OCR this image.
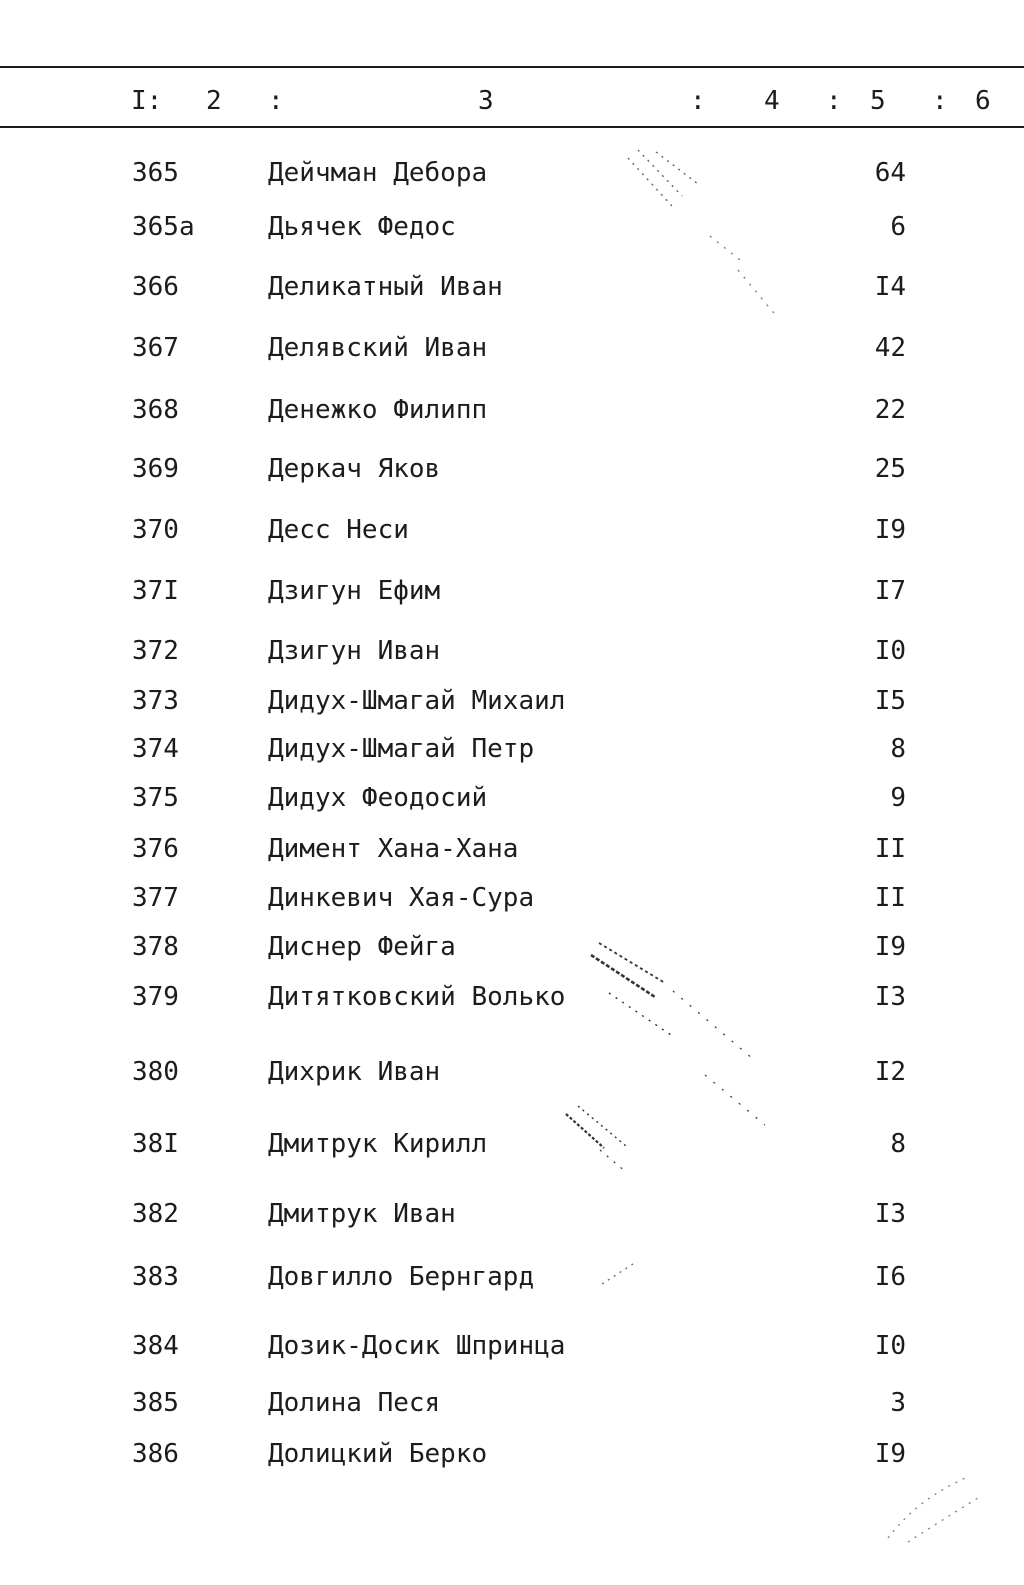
I: 2 :	3	: 4 : 5 : 6
365	Дейчман Дебора	64
365а	Дьячек Федос	6
366	Деликатный Иван	I4
367	Делявский Иван	42
368	Денежко Филипп	22
369	Деркач Яков	25
370	Десс Неси	I9
37I	Дзигун Ефим	I7
372	Дзигун Иван	I0
373	Дидух-Шмагай Михаил	I5
374	Дидух-Шмагай Петр	8
375	Дидух Феодосий	9
376	Димент Хана-Хана	II
377	Динкевич Хая-Сура	II
378	Диснер Фейга	I9
379	Дитятковский Волько	I3
380	Дихрик Иван	I2
38I	Дмитрук Кирилл	8
382	Дмитрук Иван	I3
383	Довгилло Бернгард	I6
384	Дозик-Досик Шпринца	I0
385	Долина Песя	3
386	Долицкий Берко	I9
